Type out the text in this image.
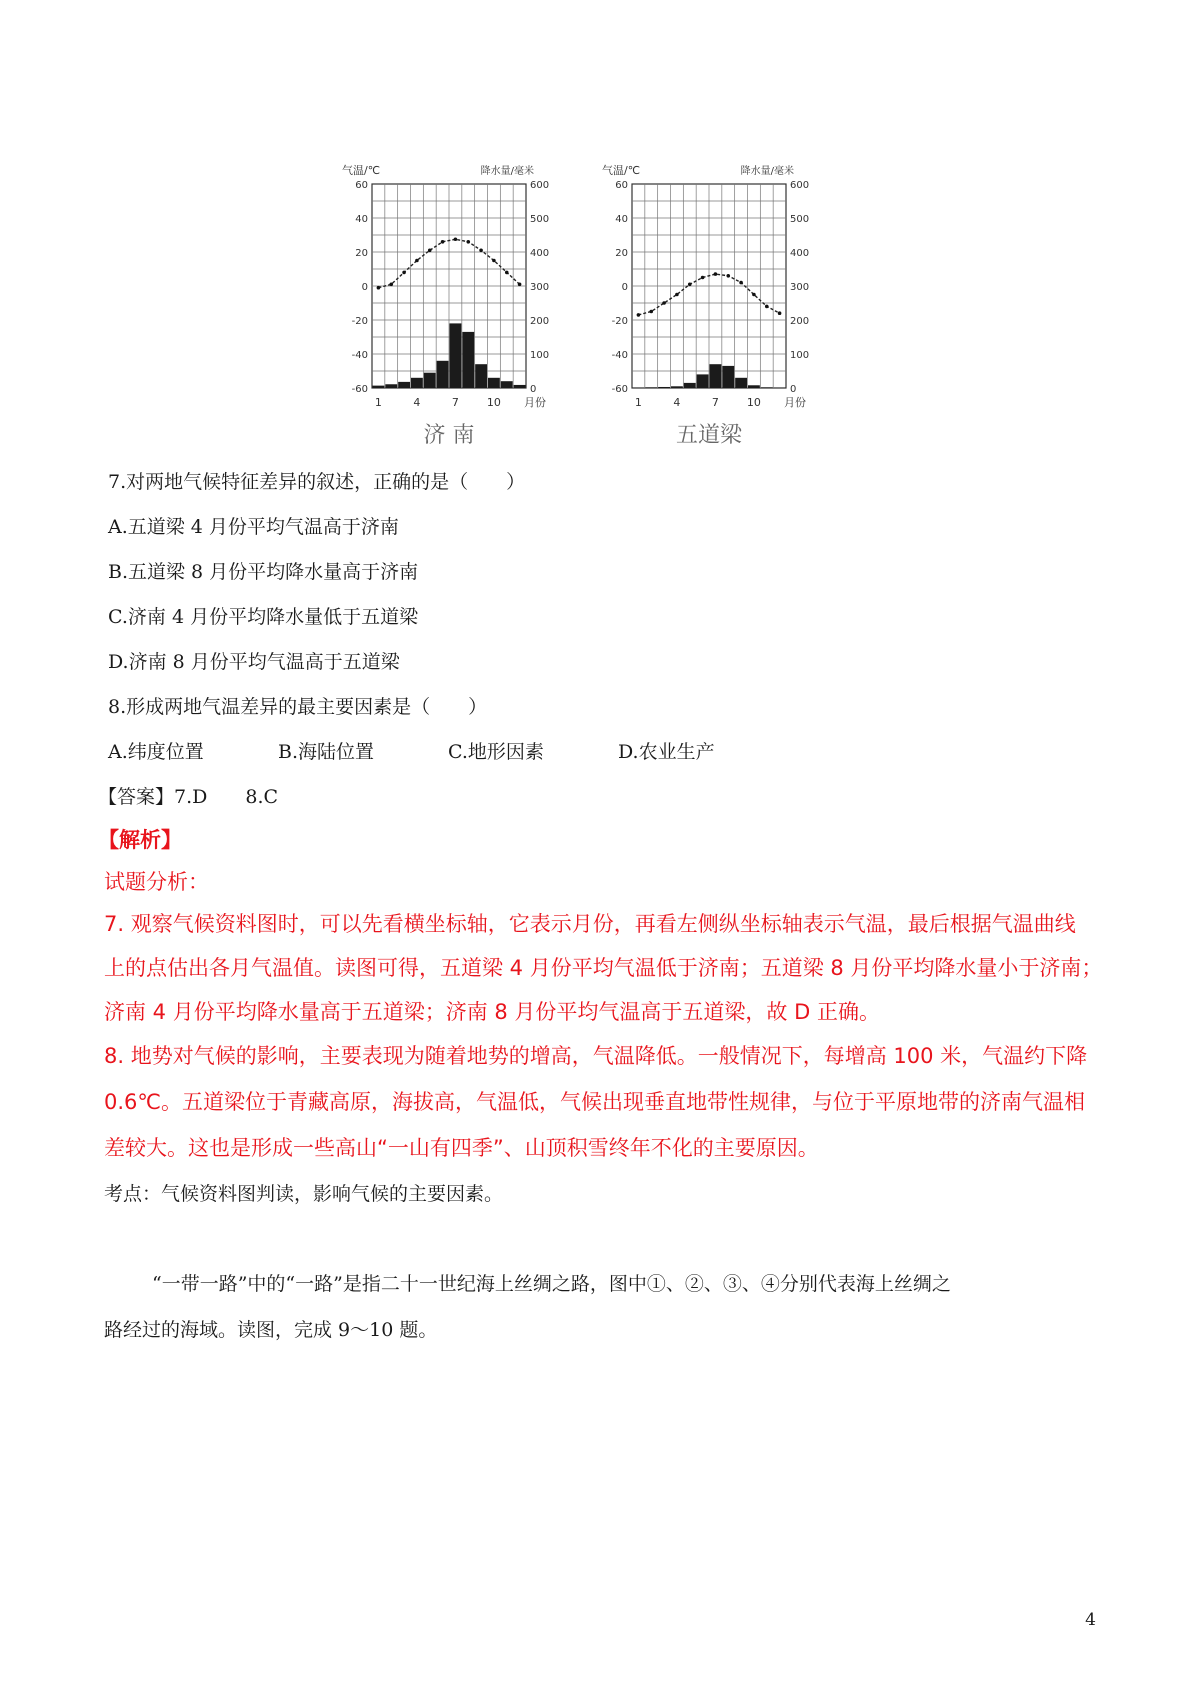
60
40
20
0
-20
-40
-60
600
500
400
300
200
100
0
气温/℃	降水量/毫米
1	4	7	10 月份
济 南
60
40
20
0
-20
-40
-60
600
500
400
300
200
100
0
气温/℃	降水量/毫米
1	4	7	10 月份
五道梁
7.对两地气候特征差异的叙述，正确的是（　　）
A.五道梁 4 月份平均气温高于济南
B.五道梁 8 月份平均降水量高于济南
C.济南 4 月份平均降水量低于五道梁
D.济南 8 月份平均气温高于五道梁
8.形成两地气温差异的最主要因素是（　　）
A.纬度位置	B.海陆位置	C.地形因素	D.农业生产
【答案】7.D　　8.C
【解析】
试题分析：
7. 观察气候资料图时，可以先看横坐标轴，它表示月份，再看左侧纵坐标轴表示气温，最后根据气温曲线
上的点估出各月气温值。读图可得，五道梁 4 月份平均气温低于济南；五道梁 8 月份平均降水量小于济南；
济南 4 月份平均降水量高于五道梁；济南 8 月份平均气温高于五道梁，故 D 正确。
8. 地势对气候的影响，主要表现为随着地势的增高，气温降低。一般情况下，每增高 100 米，气温约下降
0.6℃。五道梁位于青藏高原，海拔高，气温低，气候出现垂直地带性规律，与位于平原地带的济南气温相
差较大。这也是形成一些高山“一山有四季”、山顶积雪终年不化的主要原因。
考点：气候资料图判读，影响气候的主要因素。
“一带一路”中的“一路”是指二十一世纪海上丝绸之路，图中①、②、③、④分别代表海上丝绸之
路经过的海域。读图，完成 9～10 题。
4
